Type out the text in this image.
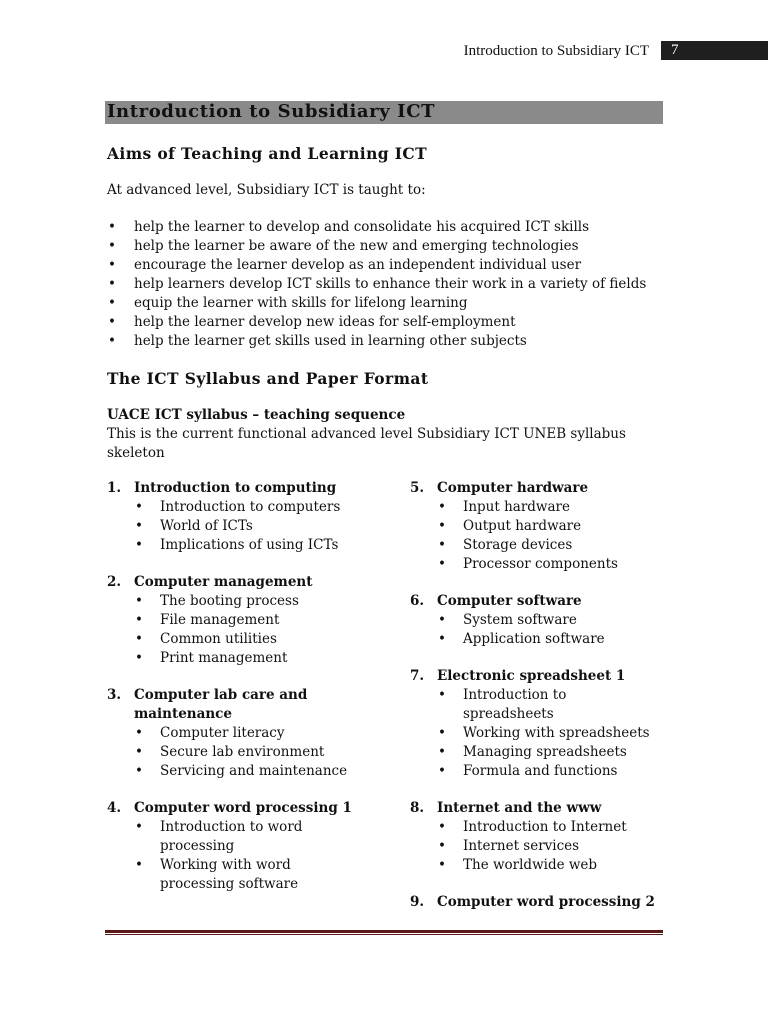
Introduction to Subsidiary ICT	7
Introduction to Subsidiary ICT
Aims of Teaching and Learning ICT
At advanced level, Subsidiary ICT is taught to:
• help the learner to develop and consolidate his acquired ICT skills
• help the learner be aware of the new and emerging technologies
• encourage the learner develop as an independent individual user
• help learners develop ICT skills to enhance their work in a variety of fields
• equip the learner with skills for lifelong learning
• help the learner develop new ideas for self-employment
• help the learner get skills used in learning other subjects
The ICT Syllabus and Paper Format
UACE ICT syllabus – teaching sequence
This is the current functional advanced level Subsidiary ICT UNEB syllabus skeleton
1. Introduction to computing
• Introduction to computers
• World of ICTs
• Implications of using ICTs
2. Computer management
• The booting process
• File management
• Common utilities
• Print management
3. Computer lab care and maintenance
• Computer literacy
• Secure lab environment
• Servicing and maintenance
4. Computer word processing 1
• Introduction to word processing
• Working with word processing software
5. Computer hardware
• Input hardware
• Output hardware
• Storage devices
• Processor components
6. Computer software
• System software
• Application software
7. Electronic spreadsheet 1
• Introduction to spreadsheets
• Working with spreadsheets
• Managing spreadsheets
• Formula and functions
8. Internet and the www
• Introduction to Internet
• Internet services
• The worldwide web
9. Computer word processing 2
